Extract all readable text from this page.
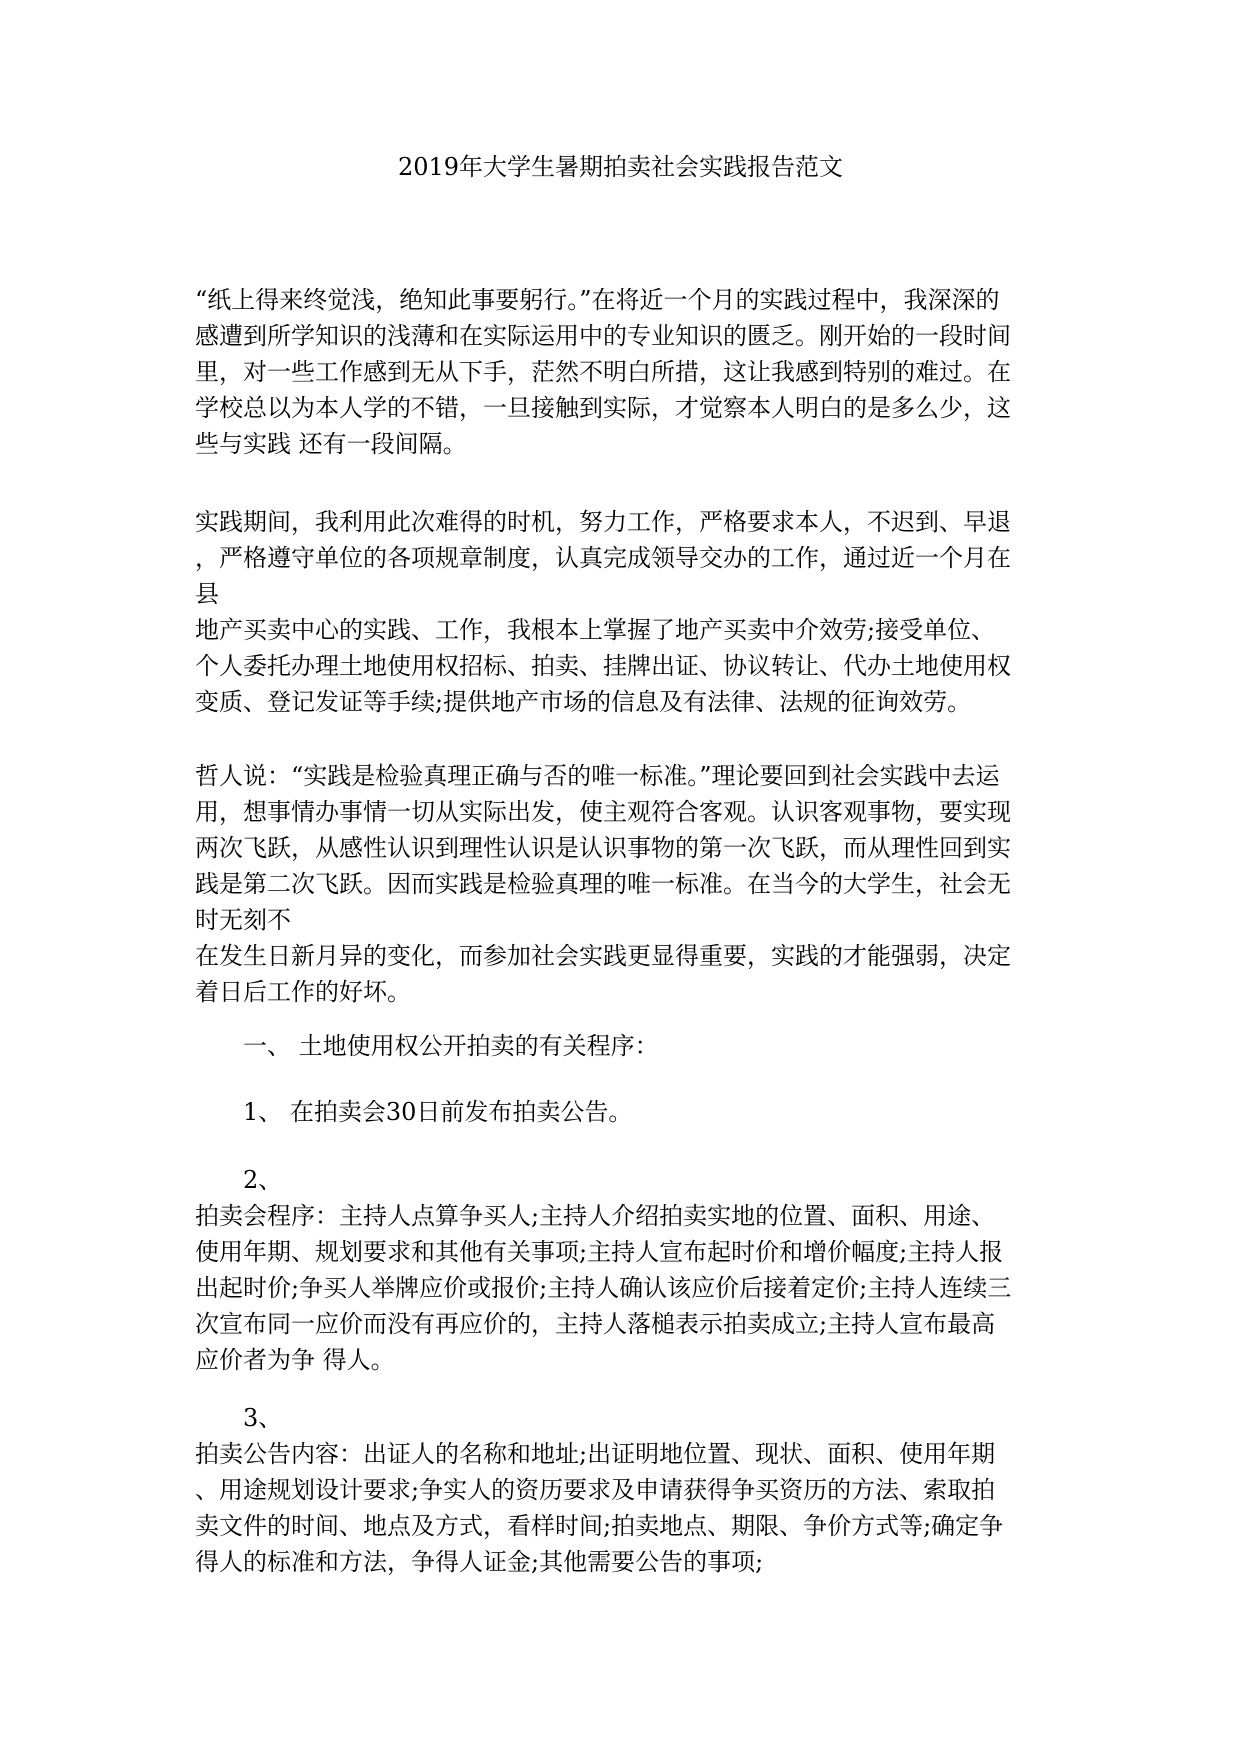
2019年大学生暑期拍卖社会实践报告范文

“纸上得来终觉浅，绝知此事要躬行。”在将近一个月的实践过程中，我深深的
感遭到所学知识的浅薄和在实际运用中的专业知识的匮乏。刚开始的一段时间
里，对一些工作感到无从下手，茫然不明白所措，这让我感到特别的难过。在
学校总以为本人学的不错，一旦接触到实际，才觉察本人明白的是多么少，这
些与实践 还有一段间隔。

实践期间，我利用此次难得的时机，努力工作，严格要求本人，不迟到、早退
，严格遵守单位的各项规章制度，认真完成领导交办的工作，通过近一个月在
县
地产买卖中心的实践、工作，我根本上掌握了地产买卖中介效劳;接受单位、
个人委托办理土地使用权招标、拍卖、挂牌出证、协议转让、代办土地使用权
变质、登记发证等手续;提供地产市场的信息及有法律、法规的征询效劳。

哲人说：“实践是检验真理正确与否的唯一标准。”理论要回到社会实践中去运
用，想事情办事情一切从实际出发，使主观符合客观。认识客观事物，要实现
两次飞跃，从感性认识到理性认识是认识事物的第一次飞跃，而从理性回到实
践是第二次飞跃。因而实践是检验真理的唯一标准。在当今的大学生，社会无
时无刻不
在发生日新月异的变化，而参加社会实践更显得重要，实践的才能强弱，决定
着日后工作的好坏。

一、 土地使用权公开拍卖的有关程序：

1、 在拍卖会30日前发布拍卖公告。

2、
拍卖会程序：主持人点算争买人;主持人介绍拍卖实地的位置、面积、用途、
使用年期、规划要求和其他有关事项;主持人宣布起时价和增价幅度;主持人报
出起时价;争买人举牌应价或报价;主持人确认该应价后接着定价;主持人连续三
次宣布同一应价而没有再应价的，主持人落槌表示拍卖成立;主持人宣布最高
应价者为争 得人。

3、
拍卖公告内容：出证人的名称和地址;出证明地位置、现状、面积、使用年期
、用途规划设计要求;争实人的资历要求及申请获得争买资历的方法、索取拍
卖文件的时间、地点及方式，看样时间;拍卖地点、期限、争价方式等;确定争
得人的标准和方法，争得人证金;其他需要公告的事项;
